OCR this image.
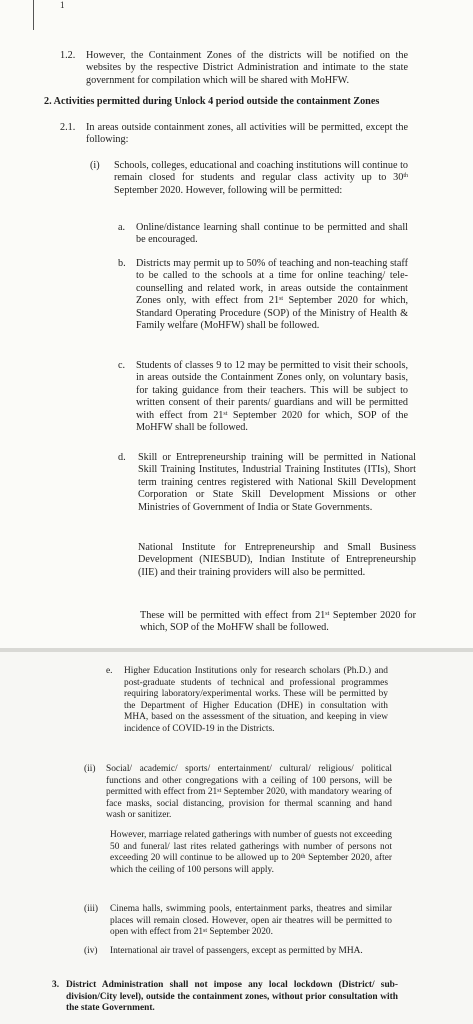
1
1.2. However, the Containment Zones of the districts will be notified on the websites by the respective District Administration and intimate to the state government for compilation which will be shared with MoHFW.

2. Activities permitted during Unlock 4 period outside the containment Zones

2.1. In areas outside containment zones, all activities will be permitted, except the following:

(i) Schools, colleges, educational and coaching institutions will continue to remain closed for students and regular class activity up to 30th September 2020. However, following will be permitted:

a. Online/distance learning shall continue to be permitted and shall be encouraged.

b. Districts may permit up to 50% of teaching and non-teaching staff to be called to the schools at a time for online teaching/ tele- counselling and related work, in areas outside the containment Zones only, with effect from 21st September 2020 for which, Standard Operating Procedure (SOP) of the Ministry of Health & Family welfare (MoHFW) shall be followed.

c. Students of classes 9 to 12 may be permitted to visit their schools, in areas outside the Containment Zones only, on voluntary basis, for taking guidance from their teachers. This will be subject to written consent of their parents/ guardians and will be permitted with effect from 21st September 2020 for which, SOP of the MoHFW shall be followed.

d. Skill or Entrepreneurship training will be permitted in National Skill Training Institutes, Industrial Training Institutes (ITIs), Short term training centres registered with National Skill Development Corporation or State Skill Development Missions or other Ministries of Government of India or State Governments.

National Institute for Entrepreneurship and Small Business Development (NIESBUD), Indian Institute of Entrepreneurship (IIE) and their training providers will also be permitted.

These will be permitted with effect from 21st September 2020 for which, SOP of the MoHFW shall be followed.

e. Higher Education Institutions only for research scholars (Ph.D.) and post-graduate students of technical and professional programmes requiring laboratory/experimental works. These will be permitted by the Department of Higher Education (DHE) in consultation with MHA, based on the assessment of the situation, and keeping in view incidence of COVID-19 in the Districts.

(ii) Social/ academic/ sports/ entertainment/ cultural/ religious/ political functions and other congregations with a ceiling of 100 persons, will be permitted with effect from 21st September 2020, with mandatory wearing of face masks, social distancing, provision for thermal scanning and hand wash or sanitizer.

However, marriage related gatherings with number of guests not exceeding 50 and funeral/ last rites related gatherings with number of persons not exceeding 20 will continue to be allowed up to 20th September 2020, after which the ceiling of 100 persons will apply.

(iii) Cinema halls, swimming pools, entertainment parks, theatres and similar places will remain closed. However, open air theatres will be permitted to open with effect from 21st September 2020.

(iv) International air travel of passengers, except as permitted by MHA.

3. District Administration shall not impose any local lockdown (District/ sub-division/City level), outside the containment zones, without prior consultation with the state Government.
